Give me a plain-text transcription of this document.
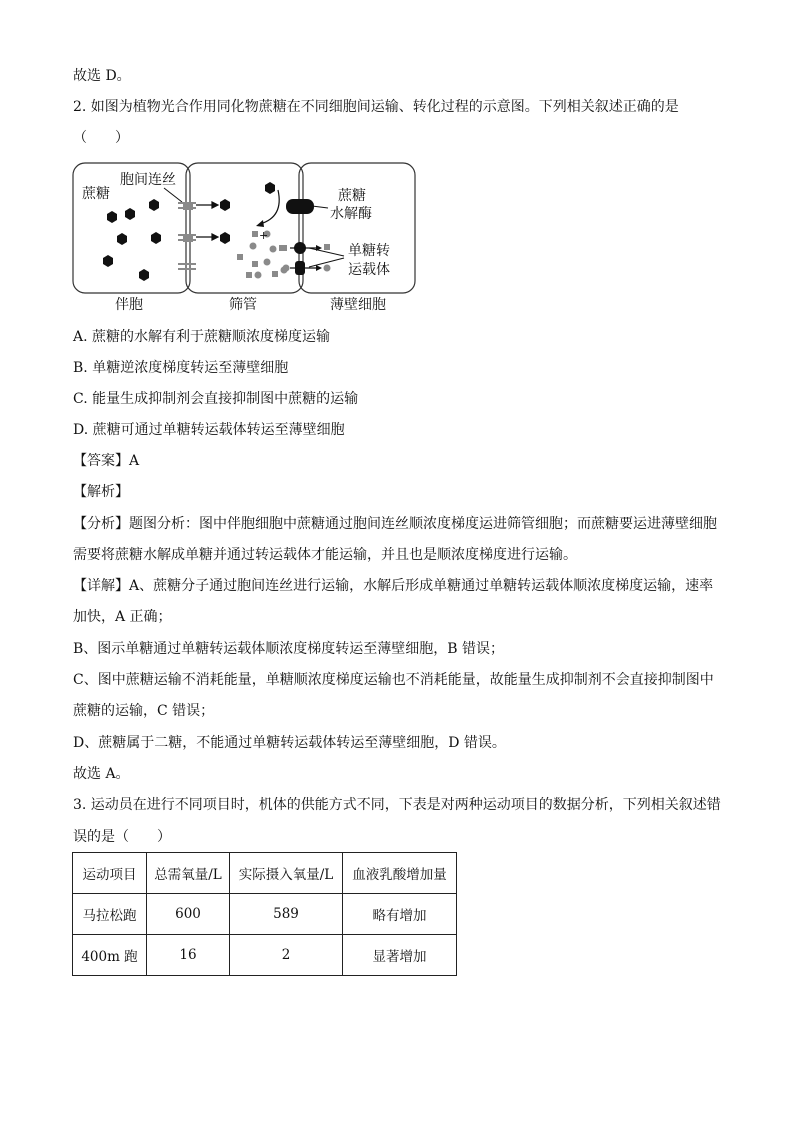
故选 D。
2. 如图为植物光合作用同化物蔗糖在不同细胞间运输、转化过程的示意图。下列相关叙述正确的是
（　　）
蔗糖
胞间连丝
蔗糖
水解酶
单糖转
运载体
+
伴胞	筛管	薄壁细胞
A. 蔗糖的水解有利于蔗糖顺浓度梯度运输
B. 单糖逆浓度梯度转运至薄壁细胞
C. 能量生成抑制剂会直接抑制图中蔗糖的运输
D. 蔗糖可通过单糖转运载体转运至薄壁细胞
【答案】A
【解析】
【分析】题图分析：图中伴胞细胞中蔗糖通过胞间连丝顺浓度梯度运进筛管细胞；而蔗糖要运进薄壁细胞
需要将蔗糖水解成单糖并通过转运载体才能运输，并且也是顺浓度梯度进行运输。
【详解】A、蔗糖分子通过胞间连丝进行运输，水解后形成单糖通过单糖转运载体顺浓度梯度运输，速率
加快，A 正确；
B、图示单糖通过单糖转运载体顺浓度梯度转运至薄壁细胞，B 错误；
C、图中蔗糖运输不消耗能量，单糖顺浓度梯度运输也不消耗能量，故能量生成抑制剂不会直接抑制图中
蔗糖的运输，C 错误；
D、蔗糖属于二糖，不能通过单糖转运载体转运至薄壁细胞，D 错误。
故选 A。
3. 运动员在进行不同项目时，机体的供能方式不同，下表是对两种运动项目的数据分析，下列相关叙述错
误的是（　　）
运动项目	总需氧量/L	实际摄入氧量/L	血液乳酸增加量
马拉松跑	600	589	略有增加
400m 跑	16	2	显著增加
